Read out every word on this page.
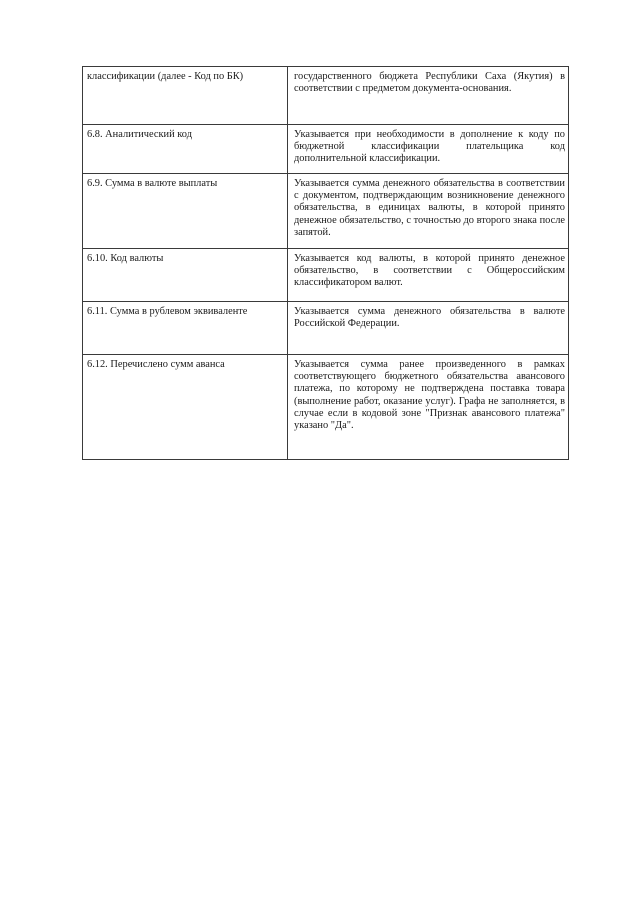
классификации (далее - Код по БК)	государственного бюджета Республики Саха (Якутия) в соответствии с предметом документа-основания.
6.8. Аналитический код	Указывается при необходимости в дополнение к коду по бюджетной классификации плательщика код дополнительной классификации.
6.9. Сумма в валюте выплаты	Указывается сумма денежного обязательства в соответствии с документом, подтверждающим возникновение денежного обязательства, в единицах валюты, в которой принято денежное обязательство, с точностью до второго знака после запятой.
6.10. Код валюты	Указывается код валюты, в которой принято денежное обязательство, в соответствии с Общероссийским классификатором валют.
6.11. Сумма в рублевом эквиваленте	Указывается сумма денежного обязательства в валюте Российской Федерации.
6.12. Перечислено сумм аванса	Указывается сумма ранее произведенного в рамках соответствующего бюджетного обязательства авансового платежа, по которому не подтверждена поставка товара (выполнение работ, оказание услуг). Графа не заполняется, в случае если в кодовой зоне "Признак авансового платежа" указано "Да".
